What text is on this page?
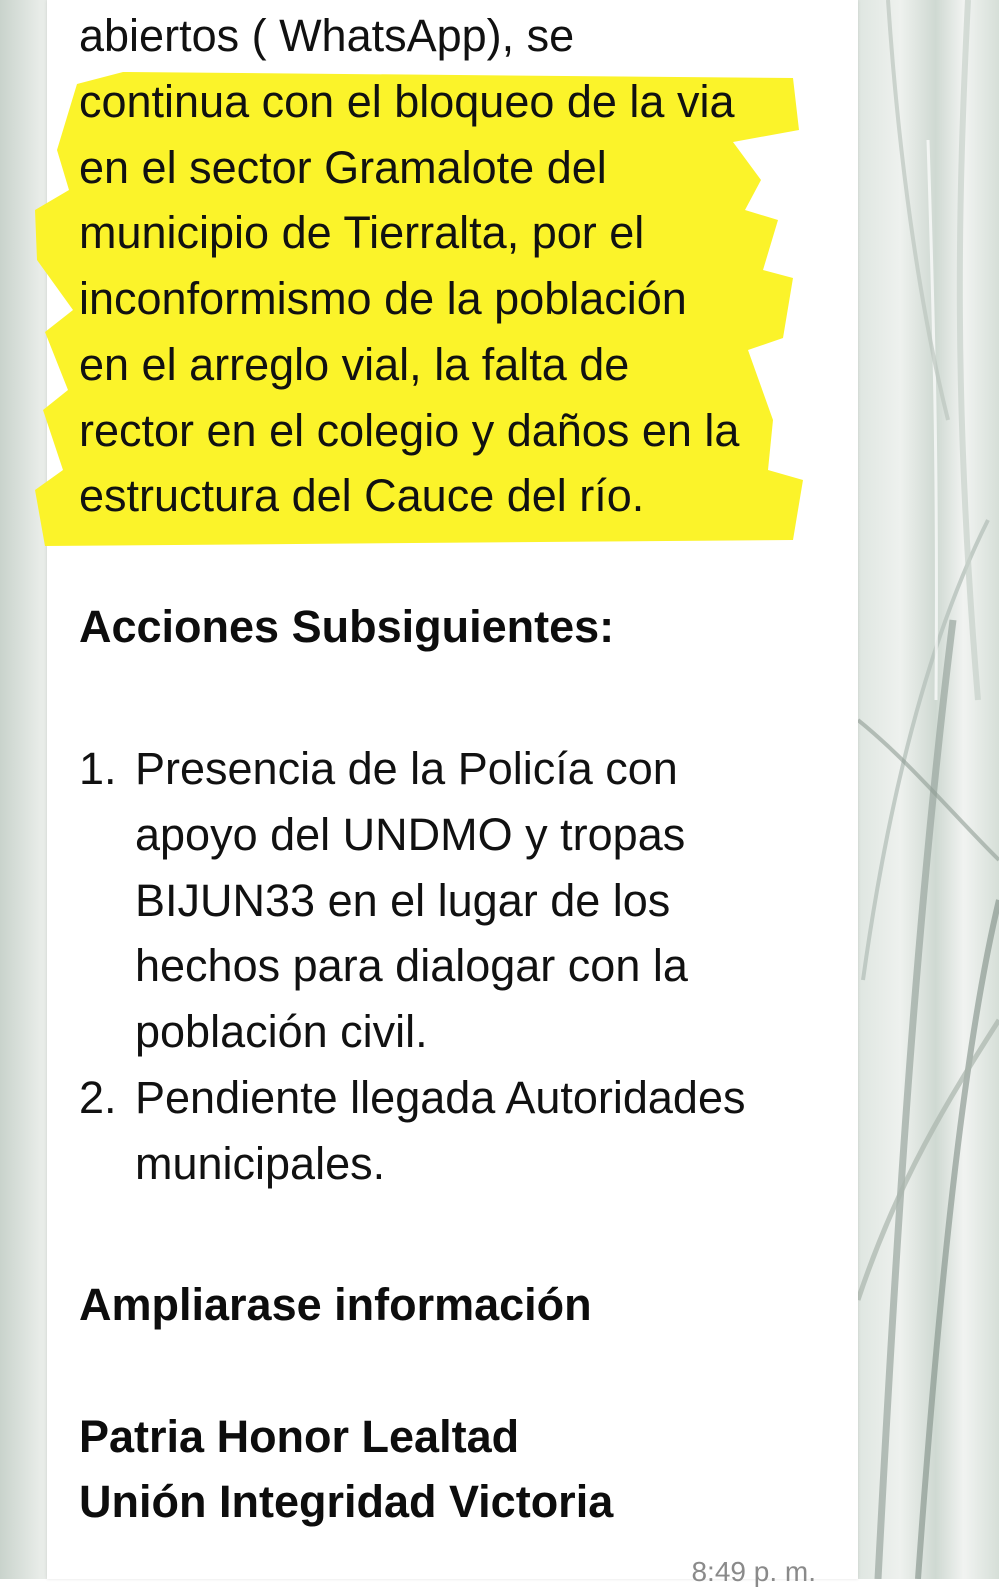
abiertos ( WhatsApp), se
continua con el bloqueo de la via
en el sector Gramalote del
municipio de Tierralta, por el
inconformismo de la población
en el arreglo vial, la falta de
rector en el colegio y daños en la
estructura del Cauce del río.
Acciones Subsiguientes:
1. Presencia de la Policía con
apoyo del UNDMO y tropas
BIJUN33 en el lugar de los
hechos para dialogar con la
población civil.
2. Pendiente llegada Autoridades
municipales.
Ampliarase información
Patria Honor Lealtad
Unión Integridad Victoria
8:49 p. m.
